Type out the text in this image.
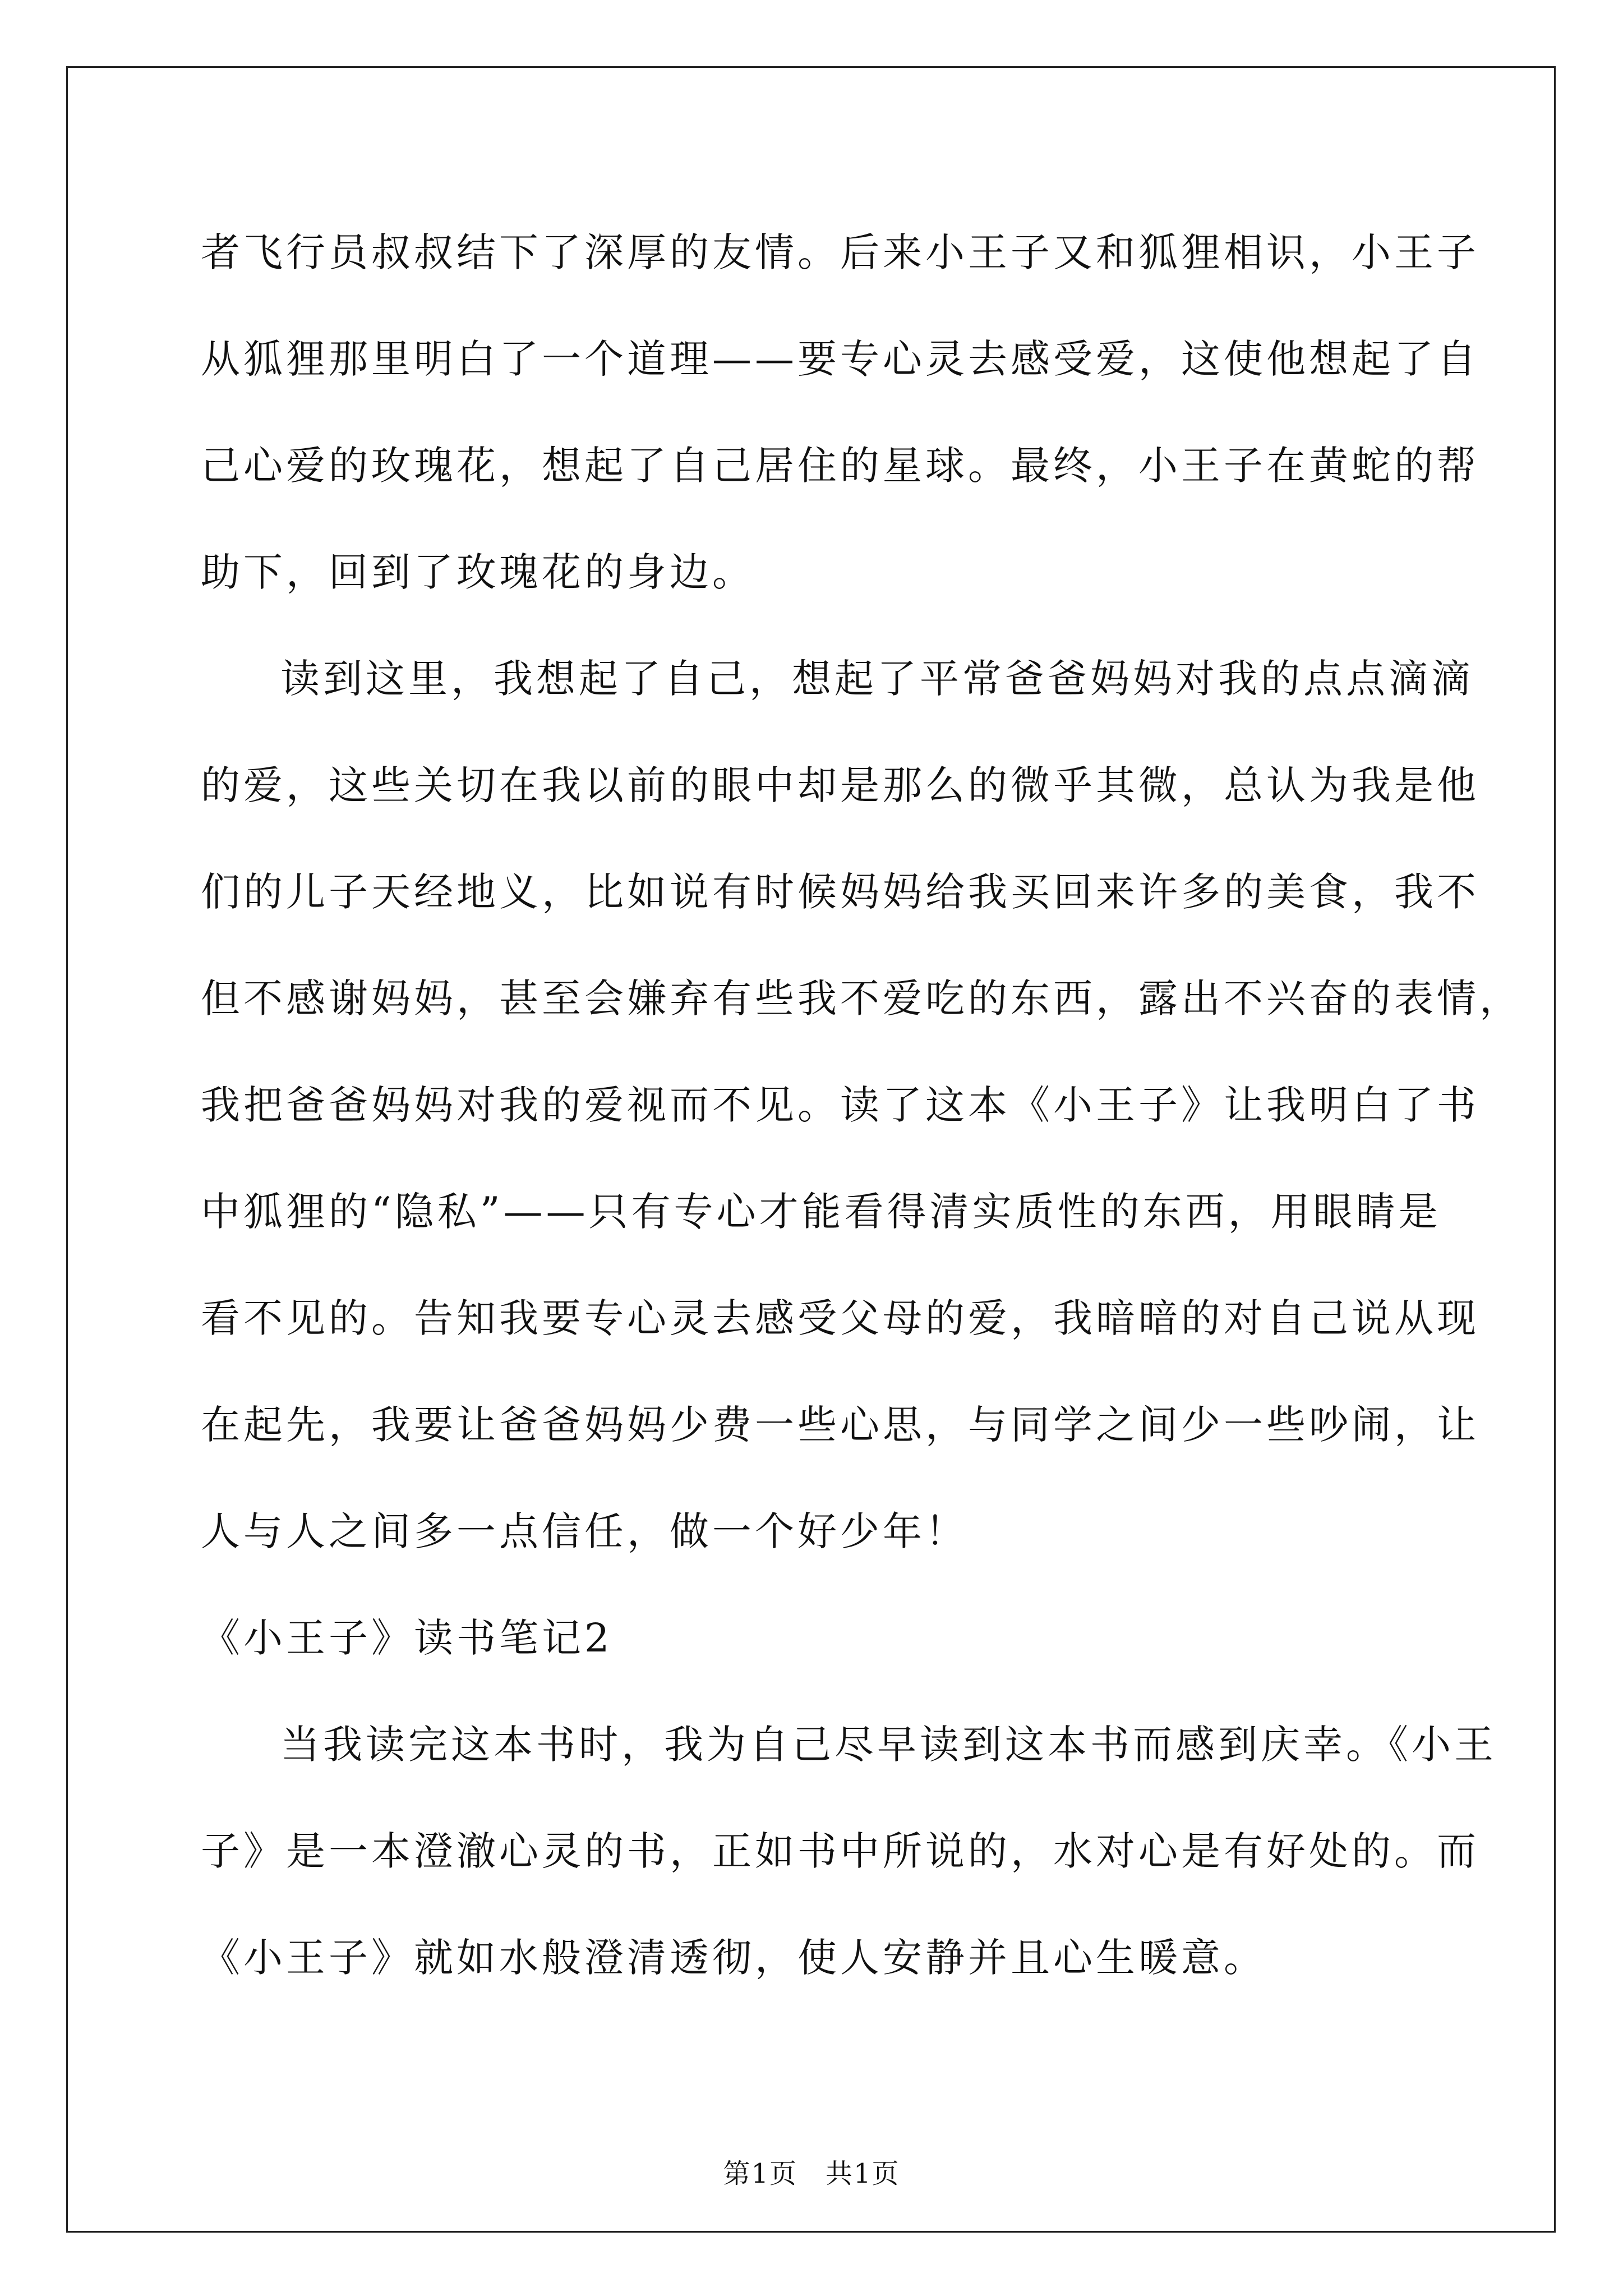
者飞行员叔叔结下了深厚的友情。后来小王子又和狐狸相识，小王子
从狐狸那里明白了一个道理——要专心灵去感受爱，这使他想起了自
己心爱的玫瑰花，想起了自己居住的星球。最终，小王子在黄蛇的帮
助下，回到了玫瑰花的身边。
读到这里，我想起了自己，想起了平常爸爸妈妈对我的点点滴滴
的爱，这些关切在我以前的眼中却是那么的微乎其微，总认为我是他
们的儿子天经地义，比如说有时候妈妈给我买回来许多的美食，我不
但不感谢妈妈，甚至会嫌弃有些我不爱吃的东西，露出不兴奋的表情，
我把爸爸妈妈对我的爱视而不见。读了这本《小王子》让我明白了书
中狐狸的“隐私”——只有专心才能看得清实质性的东西，用眼睛是
看不见的。告知我要专心灵去感受父母的爱，我暗暗的对自己说从现
在起先，我要让爸爸妈妈少费一些心思，与同学之间少一些吵闹，让
人与人之间多一点信任，做一个好少年！
《小王子》读书笔记2
当我读完这本书时，我为自己尽早读到这本书而感到庆幸。《小王
子》是一本澄澈心灵的书，正如书中所说的，水对心是有好处的。而
《小王子》就如水般澄清透彻，使人安静并且心生暖意。
第1页　共1页
